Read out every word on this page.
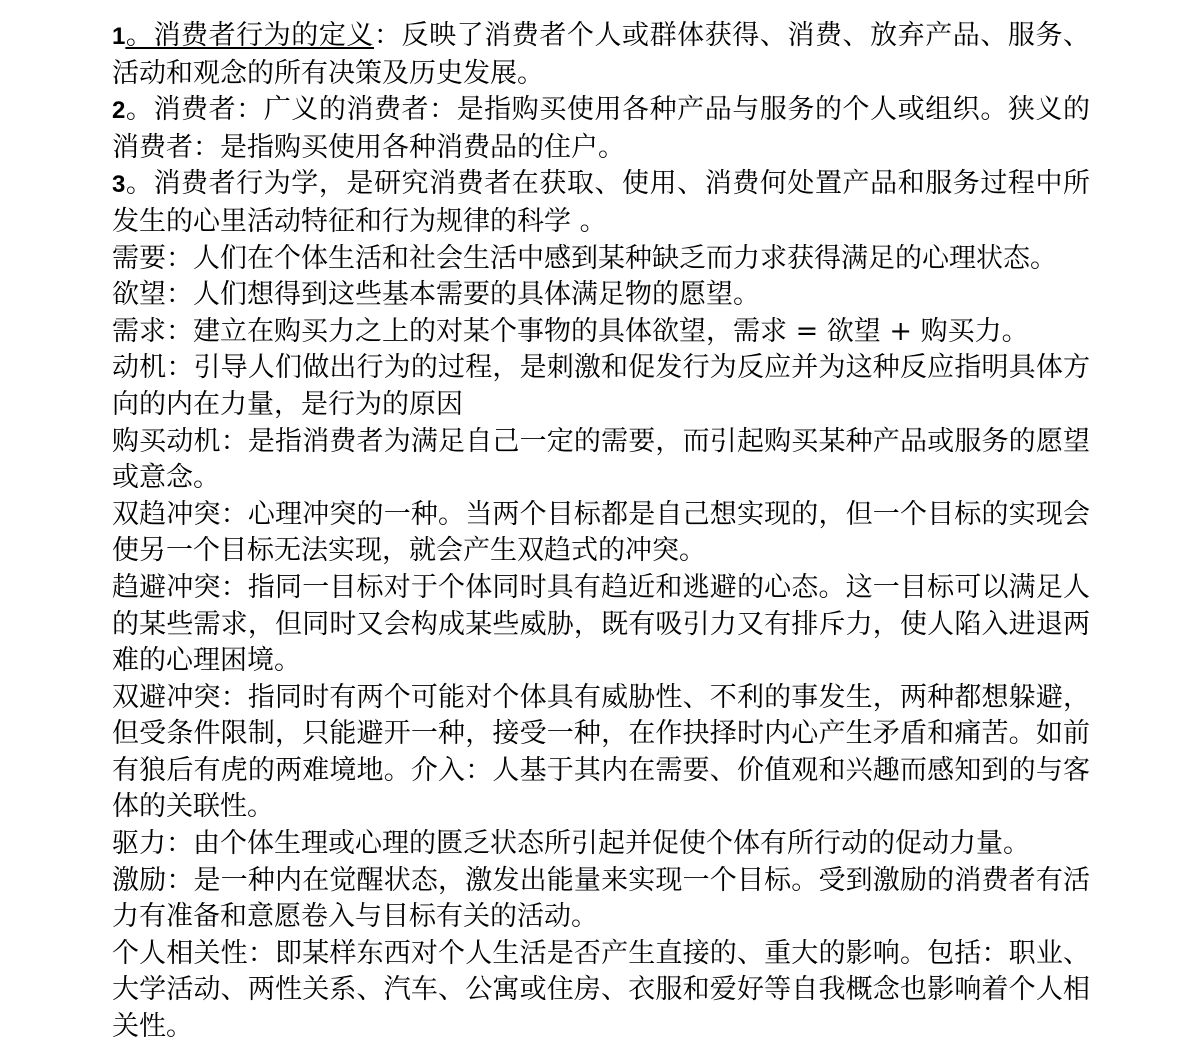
1。消费者行为的定义：反映了消费者个人或群体获得、消费、放弃产品、服务、活动和观念的所有决策及历史发展。

2。消费者：广义的消费者：是指购买使用各种产品与服务的个人或组织。狭义的消费者：是指购买使用各种消费品的住户。

3。消费者行为学，是研究消费者在获取、使用、消费何处置产品和服务过程中所发生的心里活动特征和行为规律的科学 。

需要：人们在个体生活和社会生活中感到某种缺乏而力求获得满足的心理状态。

欲望：人们想得到这些基本需要的具体满足物的愿望。

需求：建立在购买力之上的对某个事物的具体欲望，需求 = 欲望 + 购买力。

动机：引导人们做出行为的过程，是刺激和促发行为反应并为这种反应指明具体方向的内在力量，是行为的原因

购买动机：是指消费者为满足自己一定的需要，而引起购买某种产品或服务的愿望或意念。

双趋冲突：心理冲突的一种。当两个目标都是自己想实现的，但一个目标的实现会使另一个目标无法实现，就会产生双趋式的冲突。

趋避冲突：指同一目标对于个体同时具有趋近和逃避的心态。这一目标可以满足人的某些需求，但同时又会构成某些威胁，既有吸引力又有排斥力，使人陷入进退两难的心理困境。

双避冲突：指同时有两个可能对个体具有威胁性、不利的事发生，两种都想躲避，但受条件限制，只能避开一种，接受一种，在作抉择时内心产生矛盾和痛苦。如前有狼后有虎的两难境地。介入：人基于其内在需要、价值观和兴趣而感知到的与客体的关联性。

驱力：由个体生理或心理的匮乏状态所引起并促使个体有所行动的促动力量。

激励：是一种内在觉醒状态，激发出能量来实现一个目标。受到激励的消费者有活力有准备和意愿卷入与目标有关的活动。

个人相关性：即某样东西对个人生活是否产生直接的、重大的影响。包括：职业、大学活动、两性关系、汽车、公寓或住房、衣服和爱好等自我概念也影响着个人相关性。
